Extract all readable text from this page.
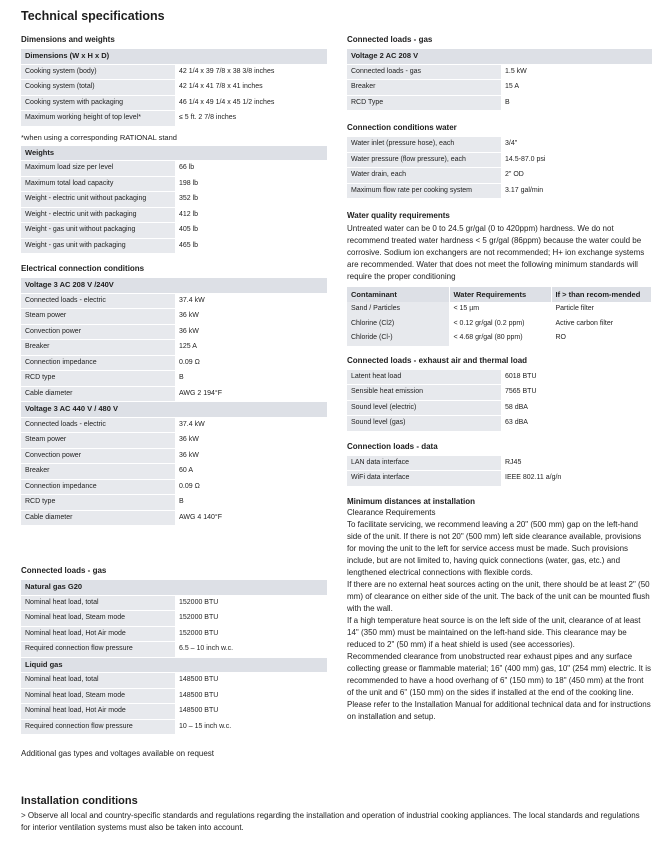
Technical specifications
Dimensions and weights
Dimensions (W x H x D)	
Cooking system (body)	42 1/4 x 39 7/8 x 38 3/8 inches
Cooking system (total)	42 1/4 x 41 7/8 x 41 inches
Cooking system with packaging	46 1/4 x 49 1/4 x 45 1/2 inches
Maximum working height of top level*	≤ 5 ft. 2 7/8 inches
*when using a corresponding RATIONAL stand
Weights	
Maximum load size per level	66 lb
Maximum total load capacity	198 lb
Weight - electric unit without packaging	352 lb
Weight - electric unit with packaging	412 lb
Weight - gas unit without packaging	405 lb
Weight - gas unit with packaging	465 lb
Electrical connection conditions
Voltage 3 AC 208 V /240V	
Connected loads - electric	37.4 kW
Steam power	36 kW
Convection power	36 kW
Breaker	125 A
Connection impedance	0.09 Ω
RCD type	B
Cable diameter	AWG 2 194°F
Voltage 3 AC 440 V / 480 V	
Connected loads - electric	37.4 kW
Steam power	36 kW
Convection power	36 kW
Breaker	60 A
Connection impedance	0.09 Ω
RCD type	B
Cable diameter	AWG 4 140°F
Connected loads - gas
Natural gas G20	
Nominal heat load, total	152000 BTU
Nominal heat load, Steam mode	152000 BTU
Nominal heat load, Hot Air mode	152000 BTU
Required connection flow pressure	6.5 – 10 inch w.c.
Liquid gas	
Nominal heat load, total	148500 BTU
Nominal heat load, Steam mode	148500 BTU
Nominal heat load, Hot Air mode	148500 BTU
Required connection flow pressure	10 – 15 inch w.c.
Additional gas types and voltages available on request
Connected loads - gas
Voltage 2 AC 208 V	
Connected loads - gas	1.5 kW
Breaker	15 A
RCD Type	B
Connection conditions water
Water inlet (pressure hose), each	3/4"
Water pressure (flow pressure), each	14.5-87.0 psi
Water drain, each	2" OD
Maximum flow rate per cooking system	3.17 gal/min
Water quality requirements

Untreated water can be 0 to 24.5 gr/gal (0 to 420ppm) hardness. We do not recommend treated water hardness < 5 gr/gal (86ppm) because the water could be corrosive. Sodium ion exchangers are not recommended; H+ ion exchange systems are recommended. Water that does not meet the following minimum standards will require the proper conditioning

Contaminant	Water Requirements	If > than recom-mended
Sand / Particles	< 15 µm	Particle filter
Chlorine (Cl2)	< 0.12 gr/gal (0.2 ppm)	Active carbon filter
Chloride (Cl-)	< 4.68 gr/gal (80 ppm)	RO
Connected loads - exhaust air and thermal load
Latent heat load	6018 BTU
Sensible heat emission	7565 BTU
Sound level (electric)	58 dBA
Sound level (gas)	63 dBA
Connection loads - data
LAN data interface	RJ45
WiFi data interface	IEEE 802.11 a/g/n
Minimum distances at installation

Clearance Requirements

To facilitate servicing, we recommend leaving a 20" (500 mm) gap on the left-hand side of the unit. If there is not 20" (500 mm) left side clearance available, provisions for moving the unit to the left for service access must be made. Such provisions include, but are not limited to, having quick connections (water, gas, etc.) and lengthened electrical connections with flexible cords.

If there are no external heat sources acting on the unit, there should be at least 2" (50 mm) of clearance on either side of the unit. The back of the unit can be mounted flush with the wall.

If a high temperature heat source is on the left side of the unit, clearance of at least 14" (350 mm) must be maintained on the left-hand side. This clearance may be reduced to 2" (50 mm) if a heat shield is used (see accessories).

Recommended clearance from unobstructed rear exhaust pipes and any surface collecting grease or flammable material; 16" (400 mm) gas, 10" (254 mm) electric. It is recommended to have a hood overhang of 6" (150 mm) to 18" (450 mm) at the front of the unit and 6" (150 mm) on the sides if installed at the end of the cooking line. Please refer to the Installation Manual for additional technical data and for instructions on installation and setup.

Installation conditions

> Observe all local and country-specific standards and regulations regarding the installation and operation of industrial cooking appliances. The local standards and regulations for interior ventilation systems must also be taken into account.
